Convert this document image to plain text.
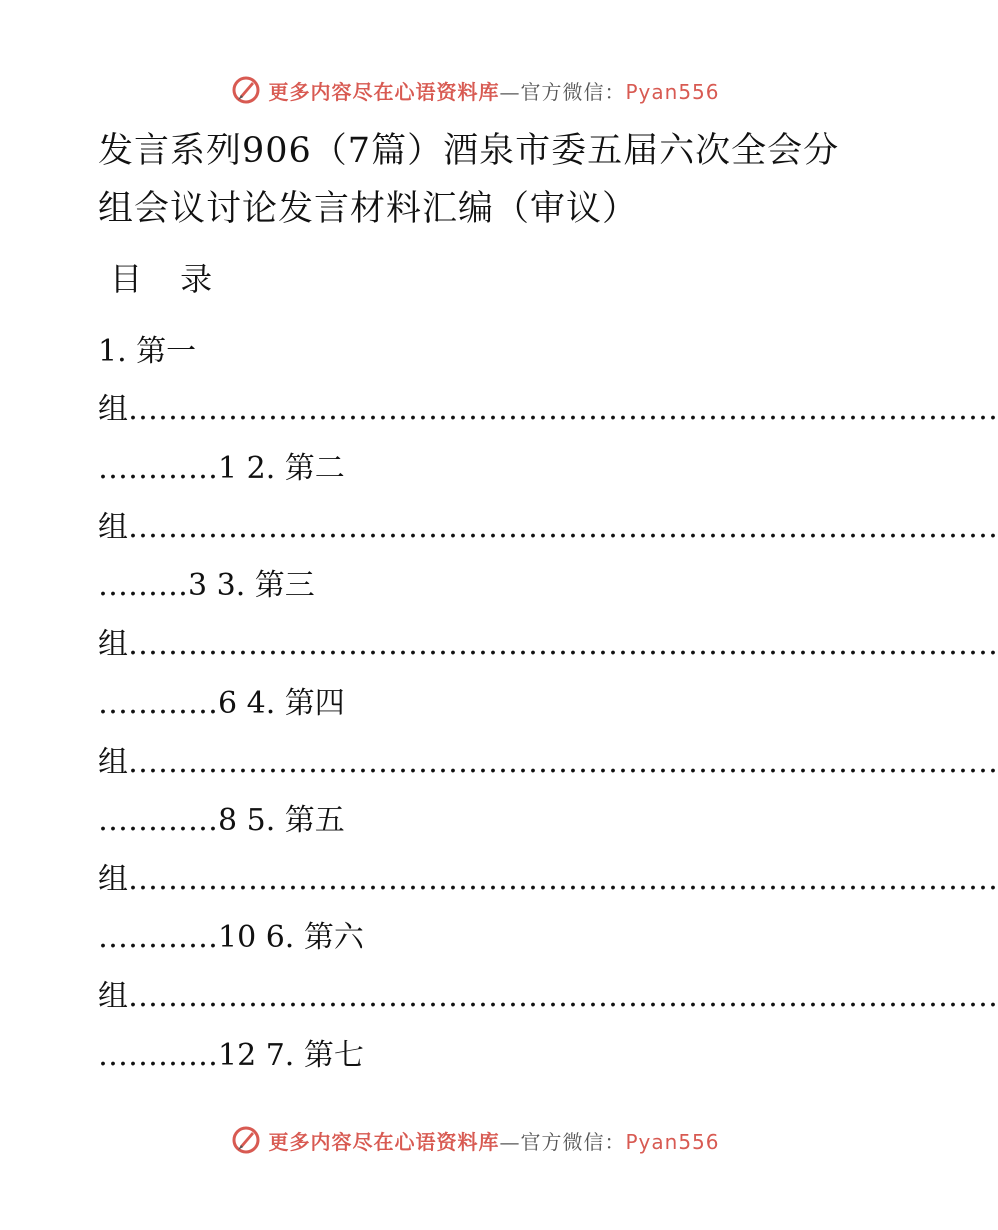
更多内容尽在心语资料库—官方微信：Pyan556
发言系列906（7篇）酒泉市委五届六次全会分组会议讨论发言材料汇编（审议）
目 录

1. 第一

组……………………………………………………………………………

…………1 2. 第二

组……………………………………………………………………………

………3 3. 第三

组……………………………………………………………………………

…………6 4. 第四

组……………………………………………………………………………

…………8 5. 第五

组……………………………………………………………………………

…………10 6. 第六

组……………………………………………………………………………

…………12 7. 第七

更多内容尽在心语资料库—官方微信：Pyan556
